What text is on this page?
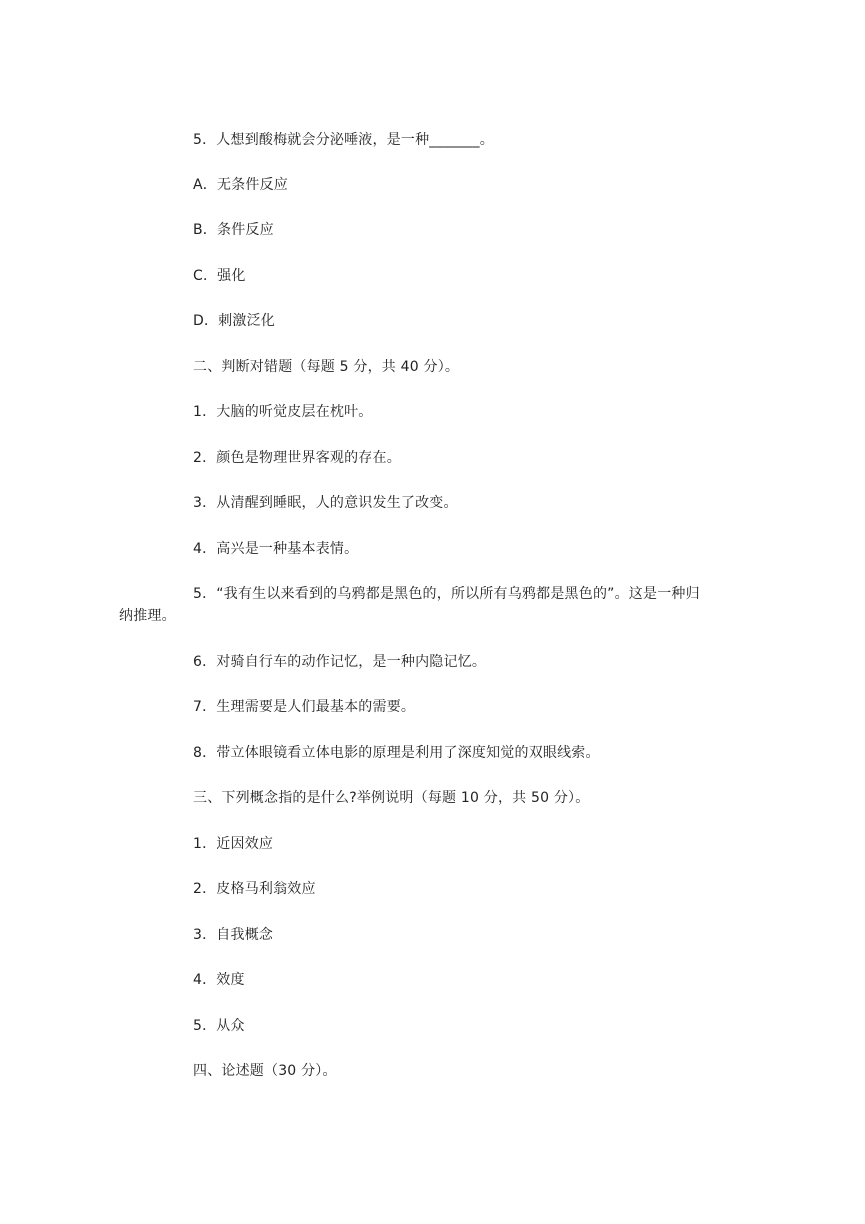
5．人想到酸梅就会分泌唾液，是一种_______。
A．无条件反应
B．条件反应
C．强化
D．刺激泛化
二、判断对错题（每题 5 分，共 40 分）。
1．大脑的听觉皮层在枕叶。
2．颜色是物理世界客观的存在。
3．从清醒到睡眠，人的意识发生了改变。
4．高兴是一种基本表情。
5．“我有生以来看到的乌鸦都是黑色的，所以所有乌鸦都是黑色的”。这是一种归
纳推理。
6．对骑自行车的动作记忆，是一种内隐记忆。
7．生理需要是人们最基本的需要。
8．带立体眼镜看立体电影的原理是利用了深度知觉的双眼线索。
三、下列概念指的是什么?举例说明（每题 10 分，共 50 分）。
1．近因效应
2．皮格马利翁效应
3．自我概念
4．效度
5．从众
四、论述题（30 分）。
